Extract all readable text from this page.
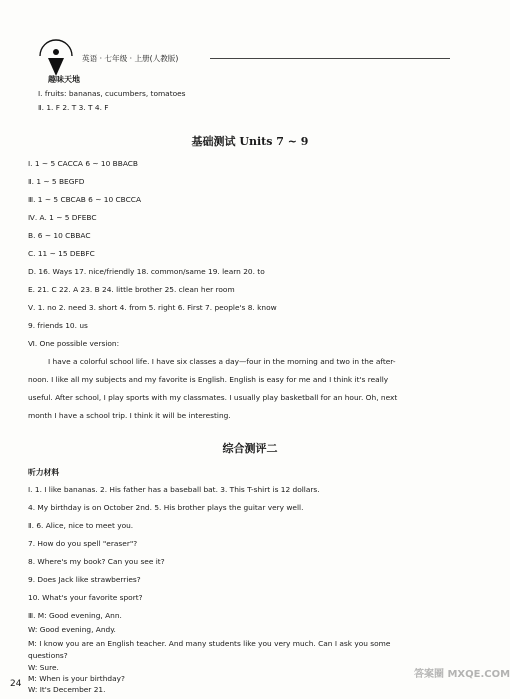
英语 · 七年级 · 上册(人教版)
趣味天地
Ⅰ. fruits: bananas, cucumbers, tomatoes
Ⅱ. 1. F 2. T 3. T 4. F
基础测试 Units 7 ~ 9
Ⅰ. 1 ~ 5 CACCA 6 ~ 10 BBACB
Ⅱ. 1 ~ 5 BEGFD
Ⅲ. 1 ~ 5 CBCAB 6 ~ 10 CBCCA
Ⅳ. A. 1 ~ 5 DFEBC
B. 6 ~ 10 CBBAC
C. 11 ~ 15 DEBFC
D. 16. Ways 17. nice/friendly 18. common/same 19. learn 20. to
E. 21. C 22. A 23. B 24. little brother 25. clean her room
Ⅴ. 1. no 2. need 3. short 4. from 5. right 6. First 7. people's 8. know
9. friends 10. us
Ⅵ. One possible version:
I have a colorful school life. I have six classes a day—four in the morning and two in the after-
noon. I like all my subjects and my favorite is English. English is easy for me and I think it's really
useful. After school, I play sports with my classmates. I usually play basketball for an hour. Oh, next
month I have a school trip. I think it will be interesting.
综合测评二
听力材料
Ⅰ. 1. I like bananas. 2. His father has a baseball bat. 3. This T-shirt is 12 dollars.
4. My birthday is on October 2nd. 5. His brother plays the guitar very well.
Ⅱ. 6. Alice, nice to meet you.
7. How do you spell "eraser"?
8. Where's my book? Can you see it?
9. Does Jack like strawberries?
10. What's your favorite sport?
Ⅲ. M: Good evening, Ann.
W: Good evening, Andy.
M: I know you are an English teacher. And many students like you very much. Can I ask you some
questions?
W: Sure.
M: When is your birthday?
W: It's December 21.
24
答案圈 MXQE.COM
